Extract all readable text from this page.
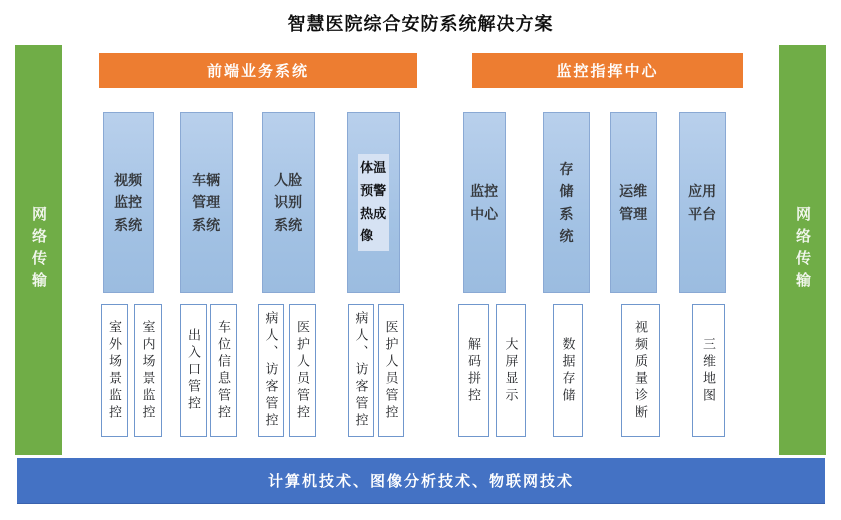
智慧医院综合安防系统解决方案
网络传输	网络传输
前端业务系统	监控指挥中心
视频监控系统
车辆管理系统
人脸识别系统
体温预警热成像
监控中心
存储系统
运维管理
应用平台
室外场景监控 室内场景监控 出入口管控 车位信息管控	病人、访客管控 医护人员管控	病人、访客管控 医护人员管控	解码拼控 大屏显示	数据存储	视频质量诊断	三维地图
计算机技术、图像分析技术、物联网技术
